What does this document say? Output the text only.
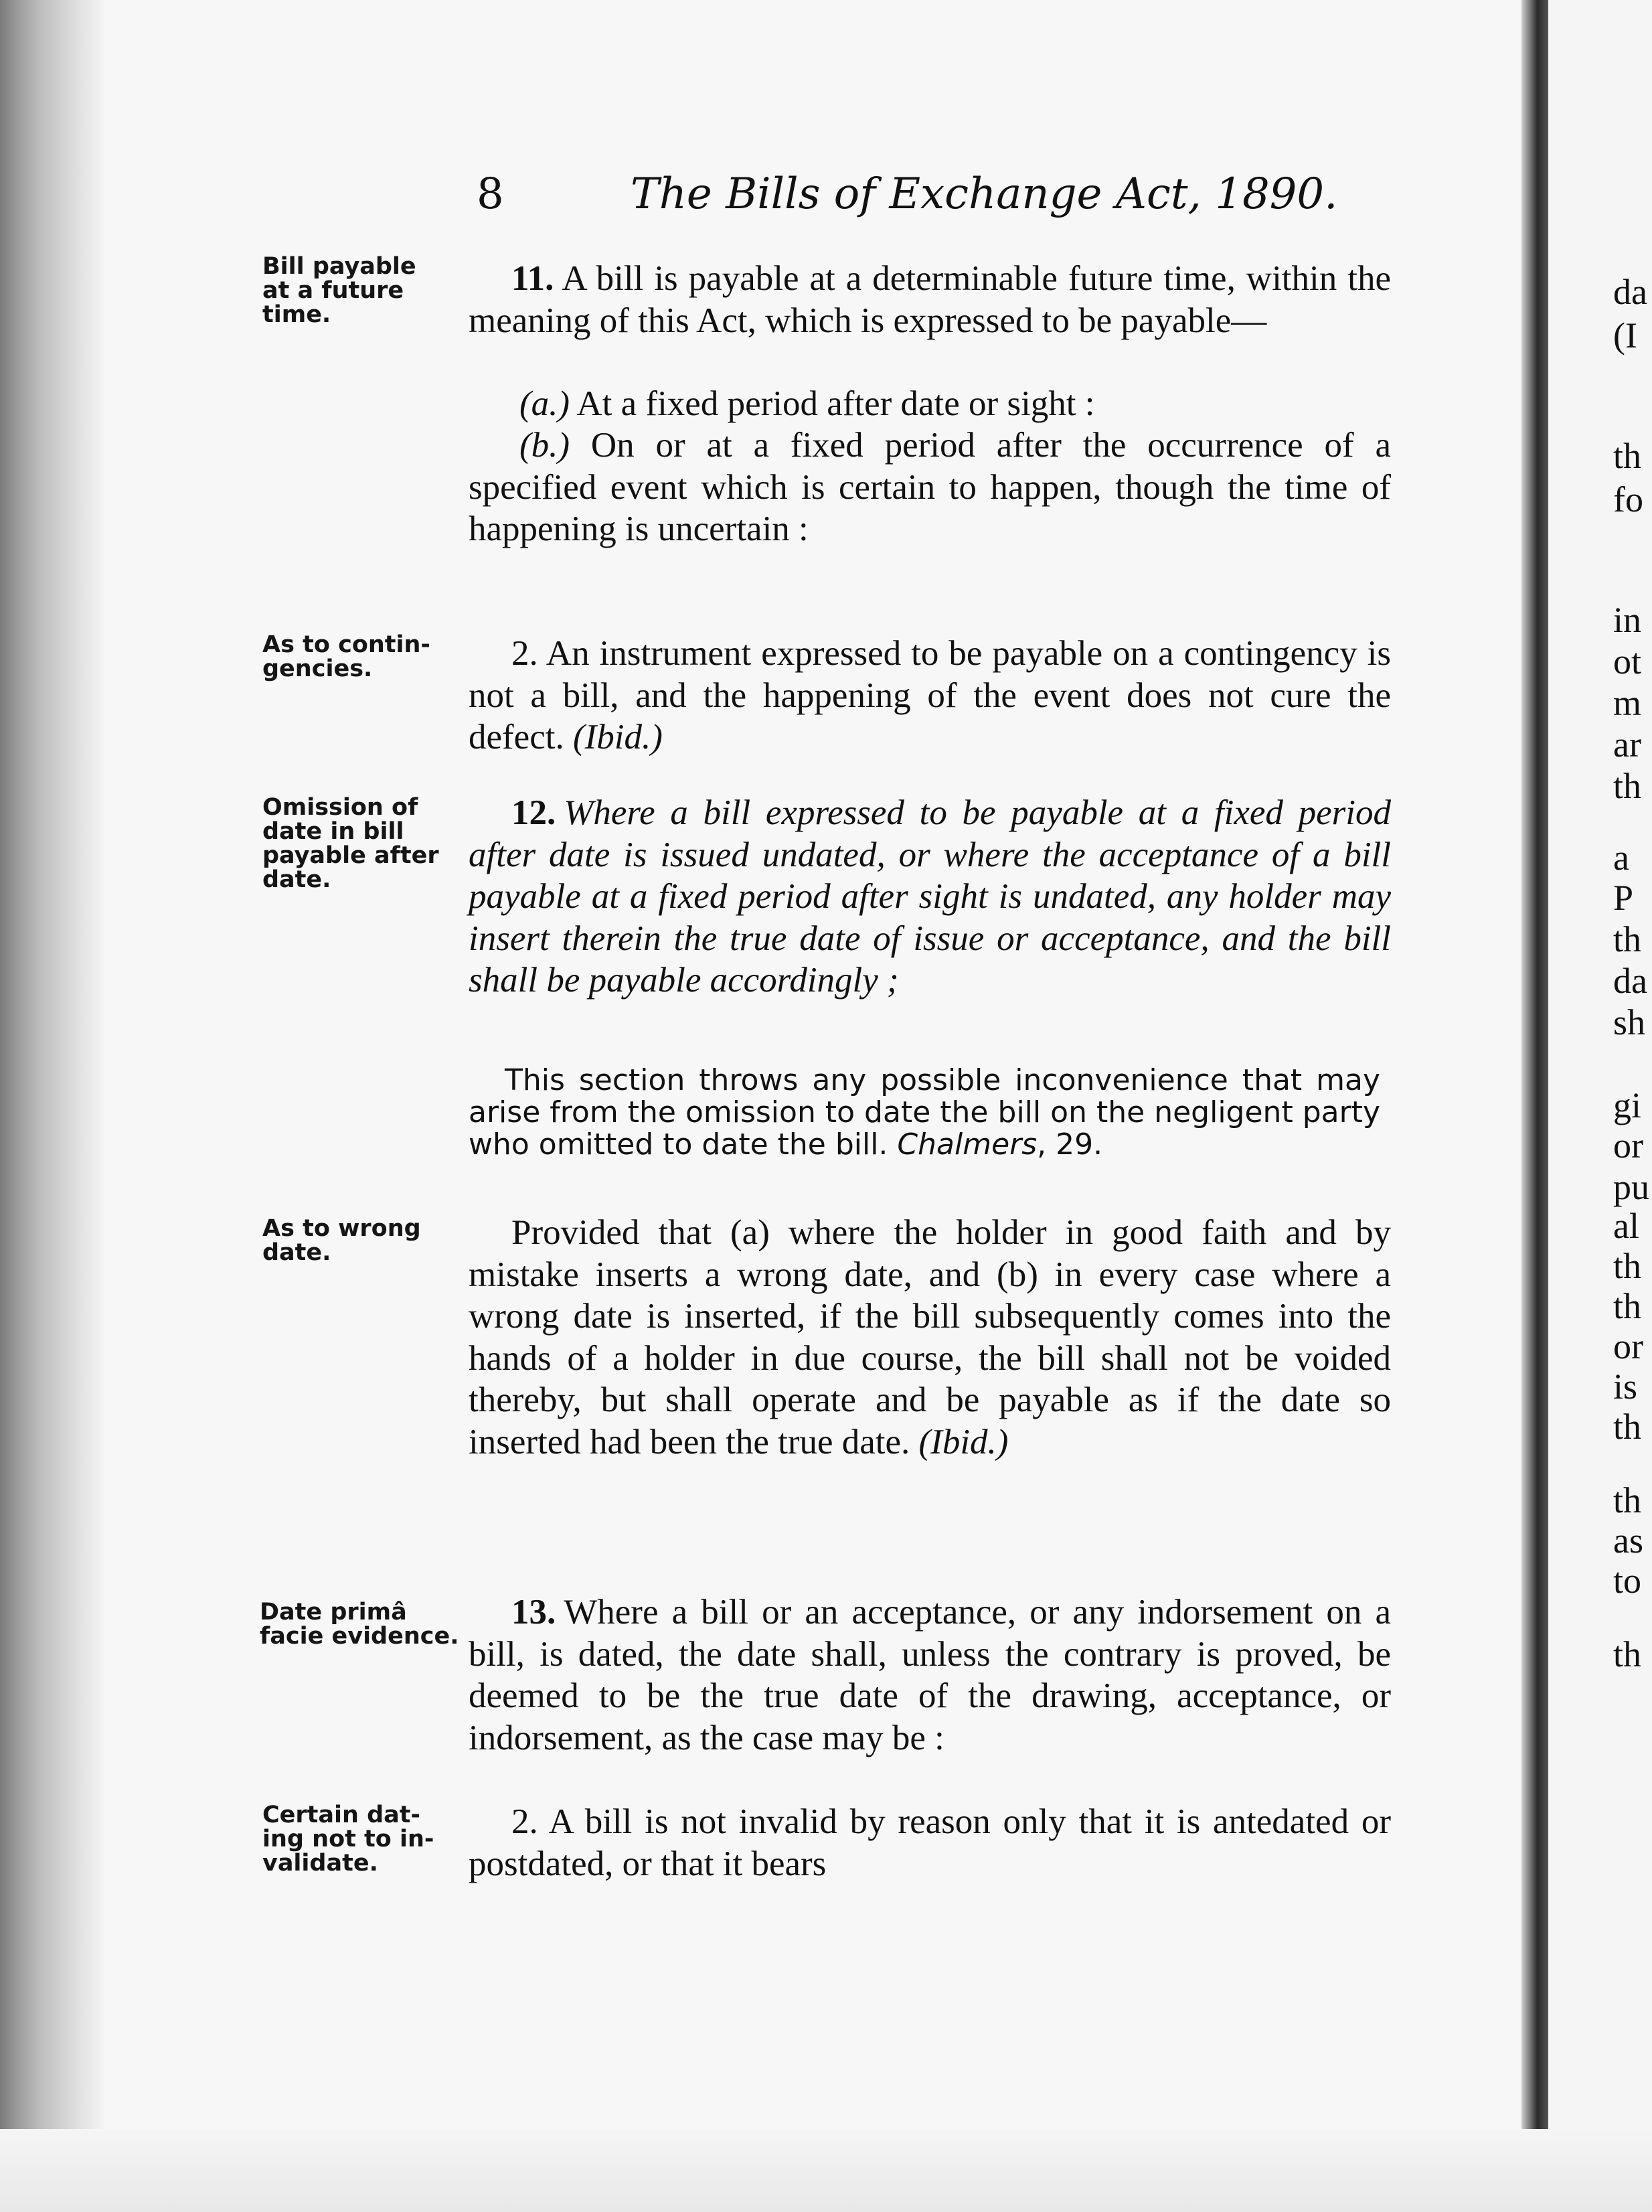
8	The Bills of Exchange Act, 1890.
Bill payable
at a future
time.
As to contin-
gencies.
Omission of
date in bill
payable after
date.
As to wrong
date.
Date primâ
facie evidence.
Certain dat-
ing not to in-
validate.
11. A bill is payable at a determinable future time, within the meaning of this Act, which is expressed to be payable—
(a.) At a fixed period after date or sight :
(b.) On or at a fixed period after the occurrence of a specified event which is certain to happen, though the time of happening is uncertain :
2. An instrument expressed to be payable on a contingency is not a bill, and the happening of the event does not cure the defect. (Ibid.)
12. Where a bill expressed to be payable at a fixed period after date is issued undated, or where the acceptance of a bill payable at a fixed period after sight is undated, any holder may insert therein the true date of issue or acceptance, and the bill shall be payable accordingly ;
This section throws any possible inconvenience that may arise from the omission to date the bill on the negligent party who omitted to date the bill. Chalmers, 29.
Provided that (a) where the holder in good faith and by mistake inserts a wrong date, and (b) in every case where a wrong date is inserted, if the bill subsequently comes into the hands of a holder in due course, the bill shall not be voided thereby, but shall operate and be payable as if the date so inserted had been the true date. (Ibid.)
13. Where a bill or an acceptance, or any indorsement on a bill, is dated, the date shall, unless the contrary is proved, be deemed to be the true date of the drawing, acceptance, or indorsement, as the case may be :
2. A bill is not invalid by reason only that it is antedated or postdated, or that it bears
da
(I
th
fo
in
ot
m
ar
th
a
P
th
da
sh
gi
or
pu
al
th
th
or
is
th
th
as
to
th
